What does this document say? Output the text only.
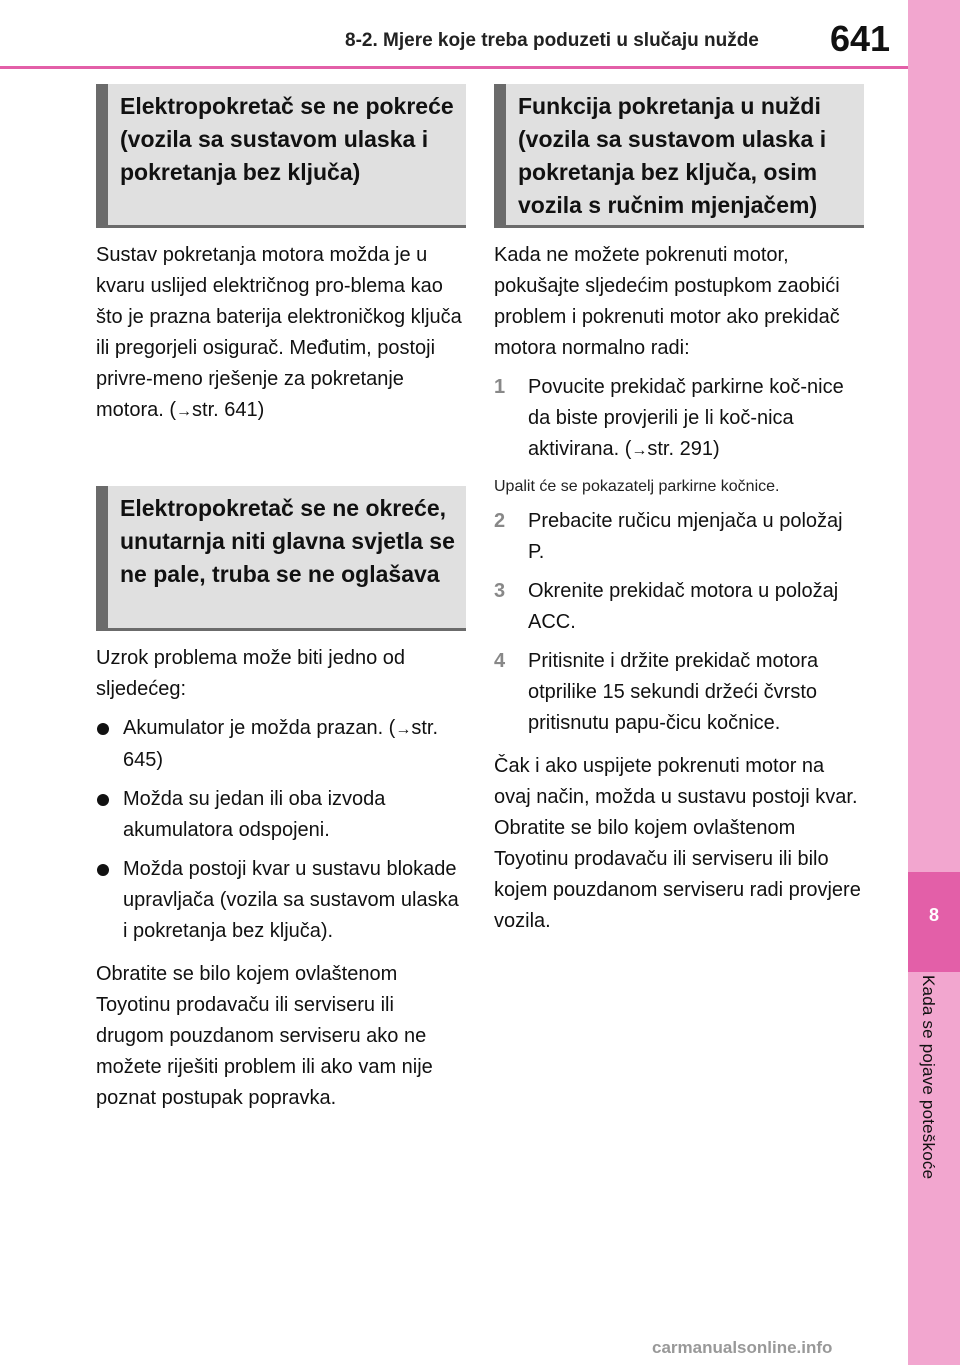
8-2. Mjere koje treba poduzeti u slučaju nužde 641
8
Kada se pojave poteškoće
Elektropokretač se ne pokreće (vozila sa sustavom ulaska i pokretanja bez ključa)
Sustav pokretanja motora možda je u kvaru uslijed električnog pro-blema kao što je prazna baterija elektroničkog ključa ili pregorjeli osigurač. Međutim, postoji privre-meno rješenje za pokretanje motora. (→str. 641)
Elektropokretač se ne okreće, unutarnja niti glavna svjetla se ne pale, truba se ne oglašava
Uzrok problema može biti jedno od sljedećeg:
Akumulator je možda prazan. (→str. 645)
Možda su jedan ili oba izvoda akumulatora odspojeni.
Možda postoji kvar u sustavu blokade upravljača (vozila sa sustavom ulaska i pokretanja bez ključa).
Obratite se bilo kojem ovlaštenom Toyotinu prodavaču ili serviseru ili drugom pouzdanom serviseru ako ne možete riješiti problem ili ako vam nije poznat postupak popravka.
Funkcija pokretanja u nuždi (vozila sa sustavom ulaska i pokretanja bez ključa, osim vozila s ručnim mjenjačem)
Kada ne možete pokrenuti motor, pokušajte sljedećim postupkom zaobići problem i pokrenuti motor ako prekidač motora normalno radi:
1 Povucite prekidač parkirne koč-nice da biste provjerili je li koč-nica aktivirana. (→str. 291)
Upalit će se pokazatelj parkirne kočnice.
2 Prebacite ručicu mjenjača u položaj P.
3 Okrenite prekidač motora u položaj ACC.
4 Pritisnite i držite prekidač motora otprilike 15 sekundi držeći čvrsto pritisnutu papu-čicu kočnice.
Čak i ako uspijete pokrenuti motor na ovaj način, možda u sustavu postoji kvar. Obratite se bilo kojem ovlaštenom Toyotinu prodavaču ili serviseru ili bilo kojem pouzdanom serviseru radi provjere vozila.
carmanualsonline.info
